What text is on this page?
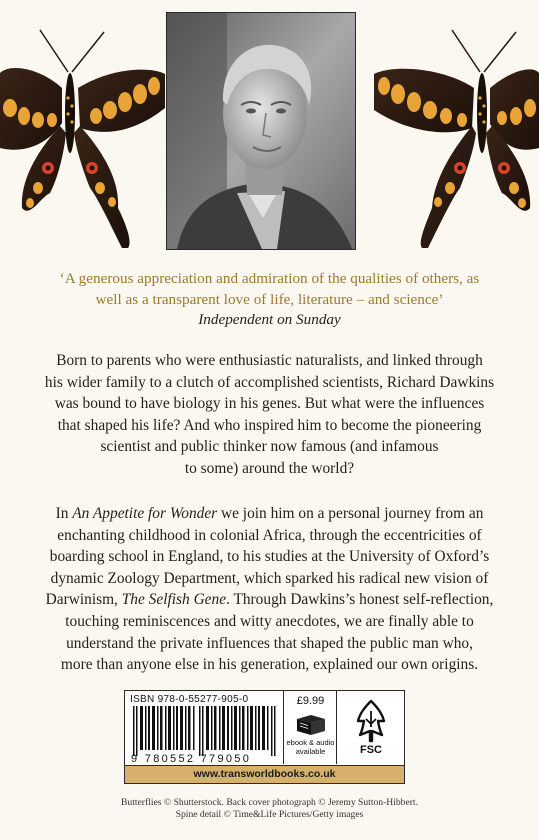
‘A generous appreciation and admiration of the qualities of others, as
well as a transparent love of life, literature – and science’
Independent on Sunday

Born to parents who were enthusiastic naturalists, and linked through

his wider family to a clutch of accomplished scientists, Richard Dawkins

was bound to have biology in his genes. But what were the influences

that shaped his life? And who inspired him to become the pioneering

scientist and public thinker now famous (and infamous

to some) around the world?

In An Appetite for Wonder we join him on a personal journey from an

enchanting childhood in colonial Africa, through the eccentricities of

boarding school in England, to his studies at the University of Oxford’s

dynamic Zoology Department, which sparked his radical new vision of

Darwinism, The Selfish Gene. Through Dawkins’s honest self-reflection,

touching reminiscences and witty anecdotes, we are finally able to

understand the private influences that shaped the public man who,

more than anyone else in his generation, explained our own origins.

ISBN 978-0-55277-905-0
9 780552 779050
£9.99
ebook & audio
available	FSC
www.transworldbooks.co.uk
Butterflies © Shutterstock. Back cover photograph © Jeremy Sutton-Hibbert.
Spine detail © Time&Life Pictures/Getty images
